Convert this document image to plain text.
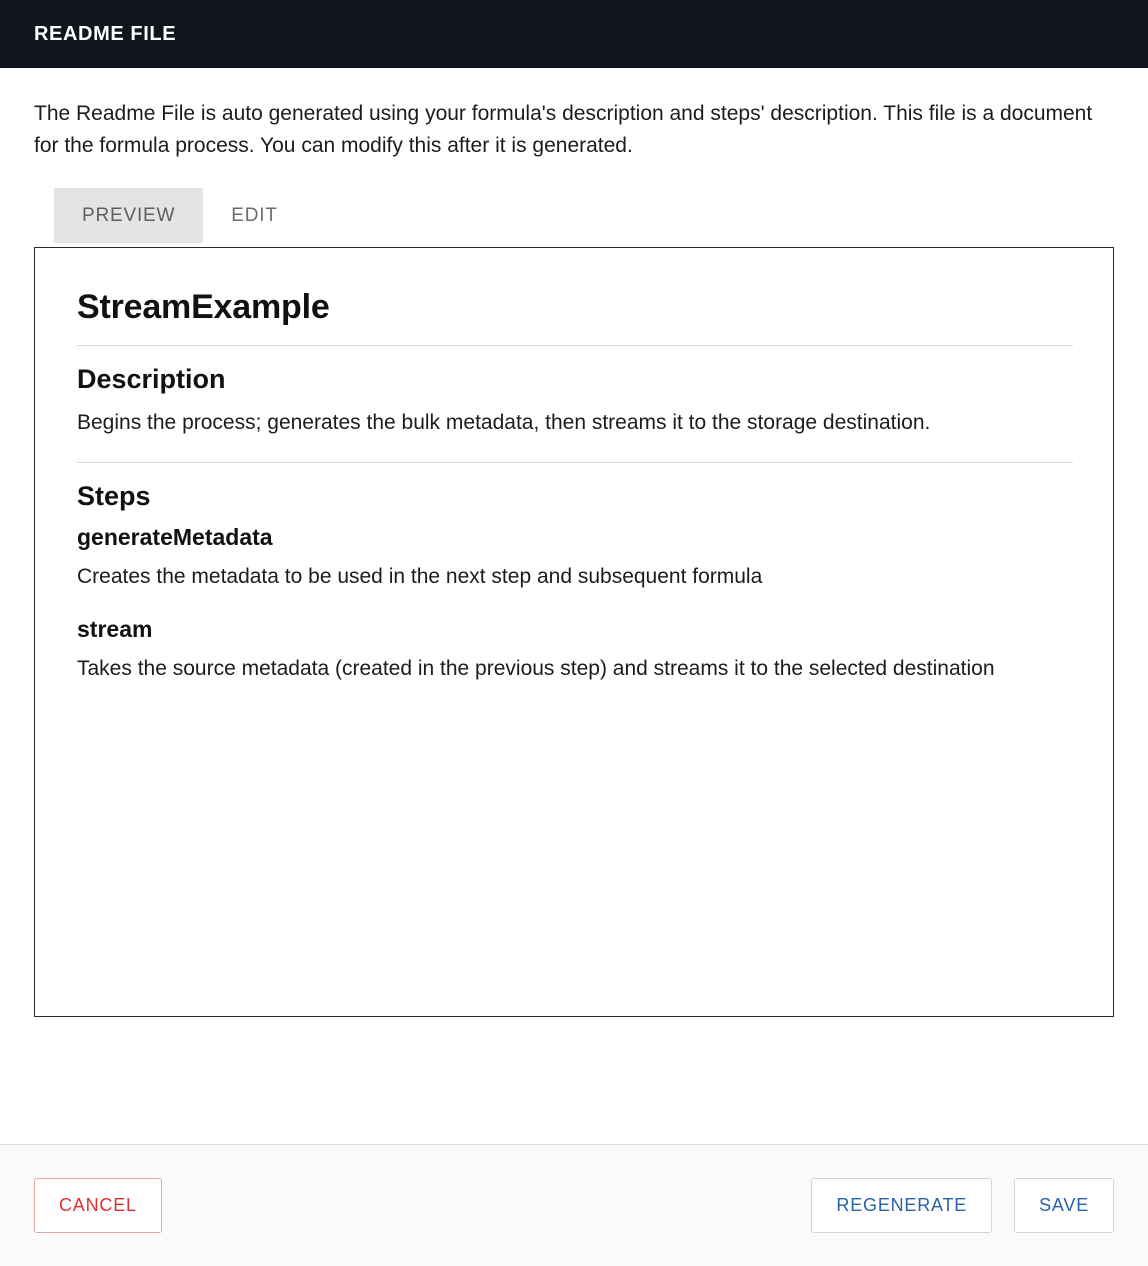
README FILE

The Readme File is auto generated using your formula's description and steps' description. This file is a document for the formula process. You can modify this after it is generated.

PREVIEW	EDIT
StreamExample
Description

Begins the process; generates the bulk metadata, then streams it to the storage destination.

Steps
generateMetadata

Creates the metadata to be used in the next step and subsequent formula

stream

Takes the source metadata (created in the previous step) and streams it to the selected destination

CANCEL	REGENERATE	SAVE
